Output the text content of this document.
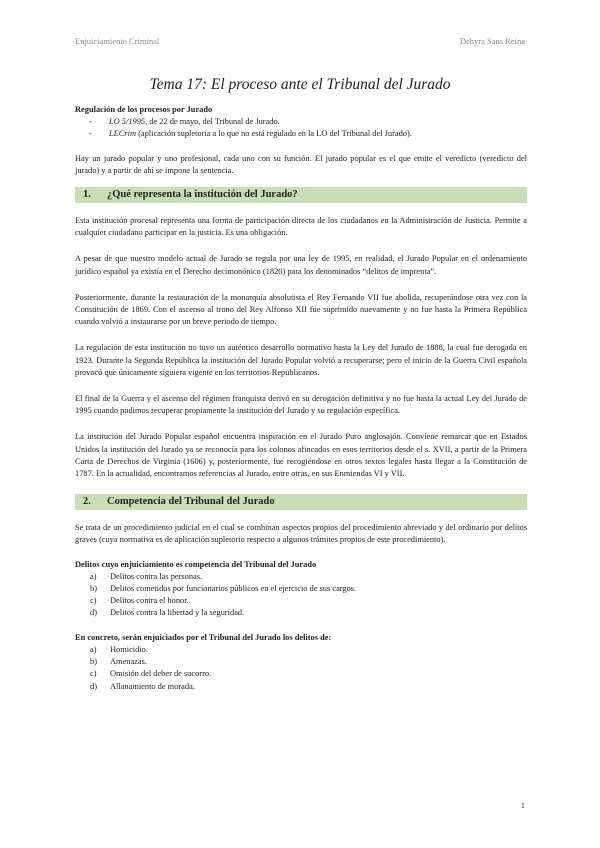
Enjuiciamiento Criminal	Dehyra Sans Reina
Tema 17: El proceso ante el Tribunal del Jurado

Regulación de los procesos por Jurado

- LO 5/1995, de 22 de mayo, del Tribunal de Jurado.
- LECrim (aplicación supletoria a lo que no está regulado en la LO del Tribunal del Jurado).

Hay un jurado popular y uno profesional, cada uno con su función. El jurado popular es el que emite el veredicto (veredicto del jurado) y a partir de ahí se impone la sentencia.

1. ¿Qué representa la institución del Jurado?

Esta institución procesal representa una forma de participación directa de los ciudadanos en la Administración de Justicia. Permite a cualquier ciudadano participar en la justicia. Es una obligación.

A pesar de que nuestro modelo actual de Jurado se regula por una ley de 1995, en realidad, el Jurado Popular en el ordenamiento jurídico español ya existía en el Derecho decimonónico (1820) para los denominados “delitos de imprenta”.

Posteriormente, durante la restauración de la monarquía absolutista el Rey Fernando VII fue abolida, recuperándose otra vez con la Constitución de 1869. Con el ascenso al trono del Rey Alfonso XII fue suprimido nuevamente y no fue hasta la Primera República cuando volvió a instaurarse por un breve periodo de tiempo.

La regulación de esta institución no tuvo un auténtico desarrollo normativo hasta la Ley del Jurado de 1888, la cual fue derogada en 1923. Durante la Segunda República la institución del Jurado Popular volvió a recuperarse; pero el inicio de la Guerra Civil española provocó que únicamente siguiera vigente en los territorios Republicanos.

El final de la Guerra y el ascenso del régimen franquista derivó en su derogación definitiva y no fue hasta la actual Ley del Jurado de 1995 cuando pudimos recuperar propiamente la institución del Jurado y su regulación específica.

La institución del Jurado Popular español encuentra inspiración en el Jurado Puro anglosajón. Conviene remarcar que en Estados Unidos la institución del Jurado ya se reconocía para los colonos afincados en esos territorios desde el s. XVII, a partir de la Primera Carta de Derechos de Virginia (1606) y, posteriormente, fue recogiéndose en otros textos legales hasta llegar a la Constitución de 1787. En la actualidad, encontramos referencias al Jurado, entre otras, en sus Enmiendas VI y VII.

2. Competencia del Tribunal del Jurado

Se trata de un procedimiento judicial en el cual se combinan aspectos propios del procedimiento abreviado y del ordinario por delitos graves (cuya normativa es de aplicación supletorio respecto a algunos trámites propios de este procedimiento).

Delitos cuyo enjuiciamiento es competencia del Tribunal del Jurado

a) Delitos contra las personas.
b) Delitos cometidos por funcionarios públicos en el ejercicio de sus cargos.
c) Delitos contra el honor.
d) Delitos contra la libertad y la seguridad.

En concreto, serán enjuiciados por el Tribunal del Jurado los delitos de:

a) Homicidio.
b) Amenazas.
c) Omisión del deber de socorro.
d) Allanamiento de morada.
1
